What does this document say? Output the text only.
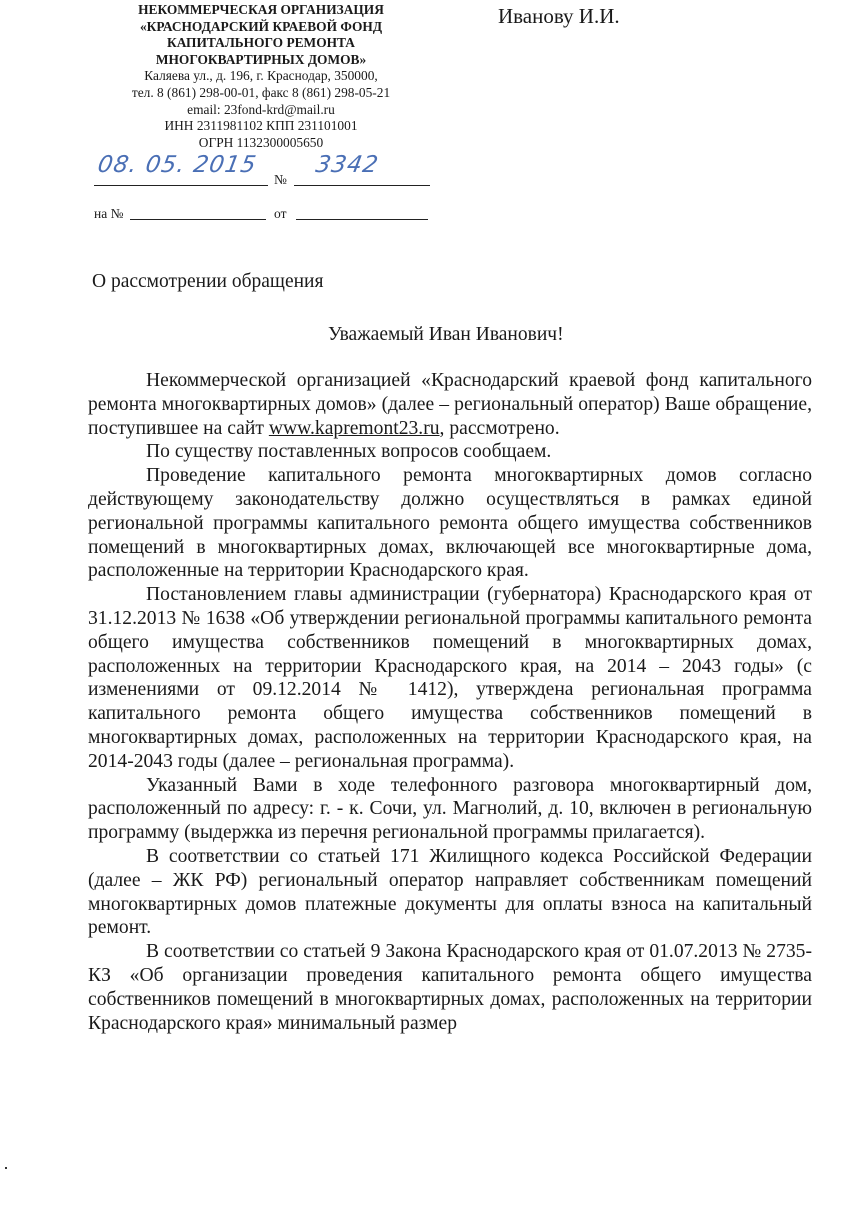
НЕКОММЕРЧЕСКАЯ ОРГАНИЗАЦИЯ
«КРАСНОДАРСКИЙ КРАЕВОЙ ФОНД
КАПИТАЛЬНОГО РЕМОНТА
МНОГОКВАРТИРНЫХ ДОМОВ»
Каляева ул., д. 196, г. Краснодар, 350000,
тел. 8 (861) 298-00-01, факс 8 (861) 298-05-21
email: 23fond-krd@mail.ru
ИНН 2311981102 КПП 231101001
ОГРН 1132300005650
Иванову И.И.
08. 05. 2015
№
3342
на №	от
О рассмотрении обращения
Уважаемый Иван Иванович!

Некоммерческой организацией «Краснодарский краевой фонд капитального ремонта многоквартирных домов» (далее – региональный оператор) Ваше обращение, поступившее на сайт www.kapremont23.ru, рассмотрено.

По существу поставленных вопросов сообщаем.

Проведение капитального ремонта многоквартирных домов согласно действующему законодательству должно осуществляться в рамках единой региональной программы капитального ремонта общего имущества собственников помещений в многоквартирных домах, включающей все многоквартирные дома, расположенные на территории Краснодарского края.

Постановлением главы администрации (губернатора) Краснодарского края от 31.12.2013 № 1638 «Об утверждении региональной программы капитального ремонта общего имущества собственников помещений в многоквартирных домах, расположенных на территории Краснодарского края, на 2014 – 2043 годы» (с изменениями от 09.12.2014 № 1412), утверждена региональная программа капитального ремонта общего имущества собственников помещений в многоквартирных домах, расположенных на территории Краснодарского края, на 2014-2043 годы (далее – региональная программа).

Указанный Вами в ходе телефонного разговора многоквартирный дом, расположенный по адресу: г. - к. Сочи, ул. Магнолий, д. 10, включен в региональную программу (выдержка из перечня региональной программы прилагается).

В соответствии со статьей 171 Жилищного кодекса Российской Федерации (далее – ЖК РФ) региональный оператор направляет собственникам помещений многоквартирных домов платежные документы для оплаты взноса на капитальный ремонт.

В соответствии со статьей 9 Закона Краснодарского края от 01.07.2013 № 2735-КЗ «Об организации проведения капитального ремонта общего имущества собственников помещений в многоквартирных домах, расположенных на территории Краснодарского края» минимальный размер
